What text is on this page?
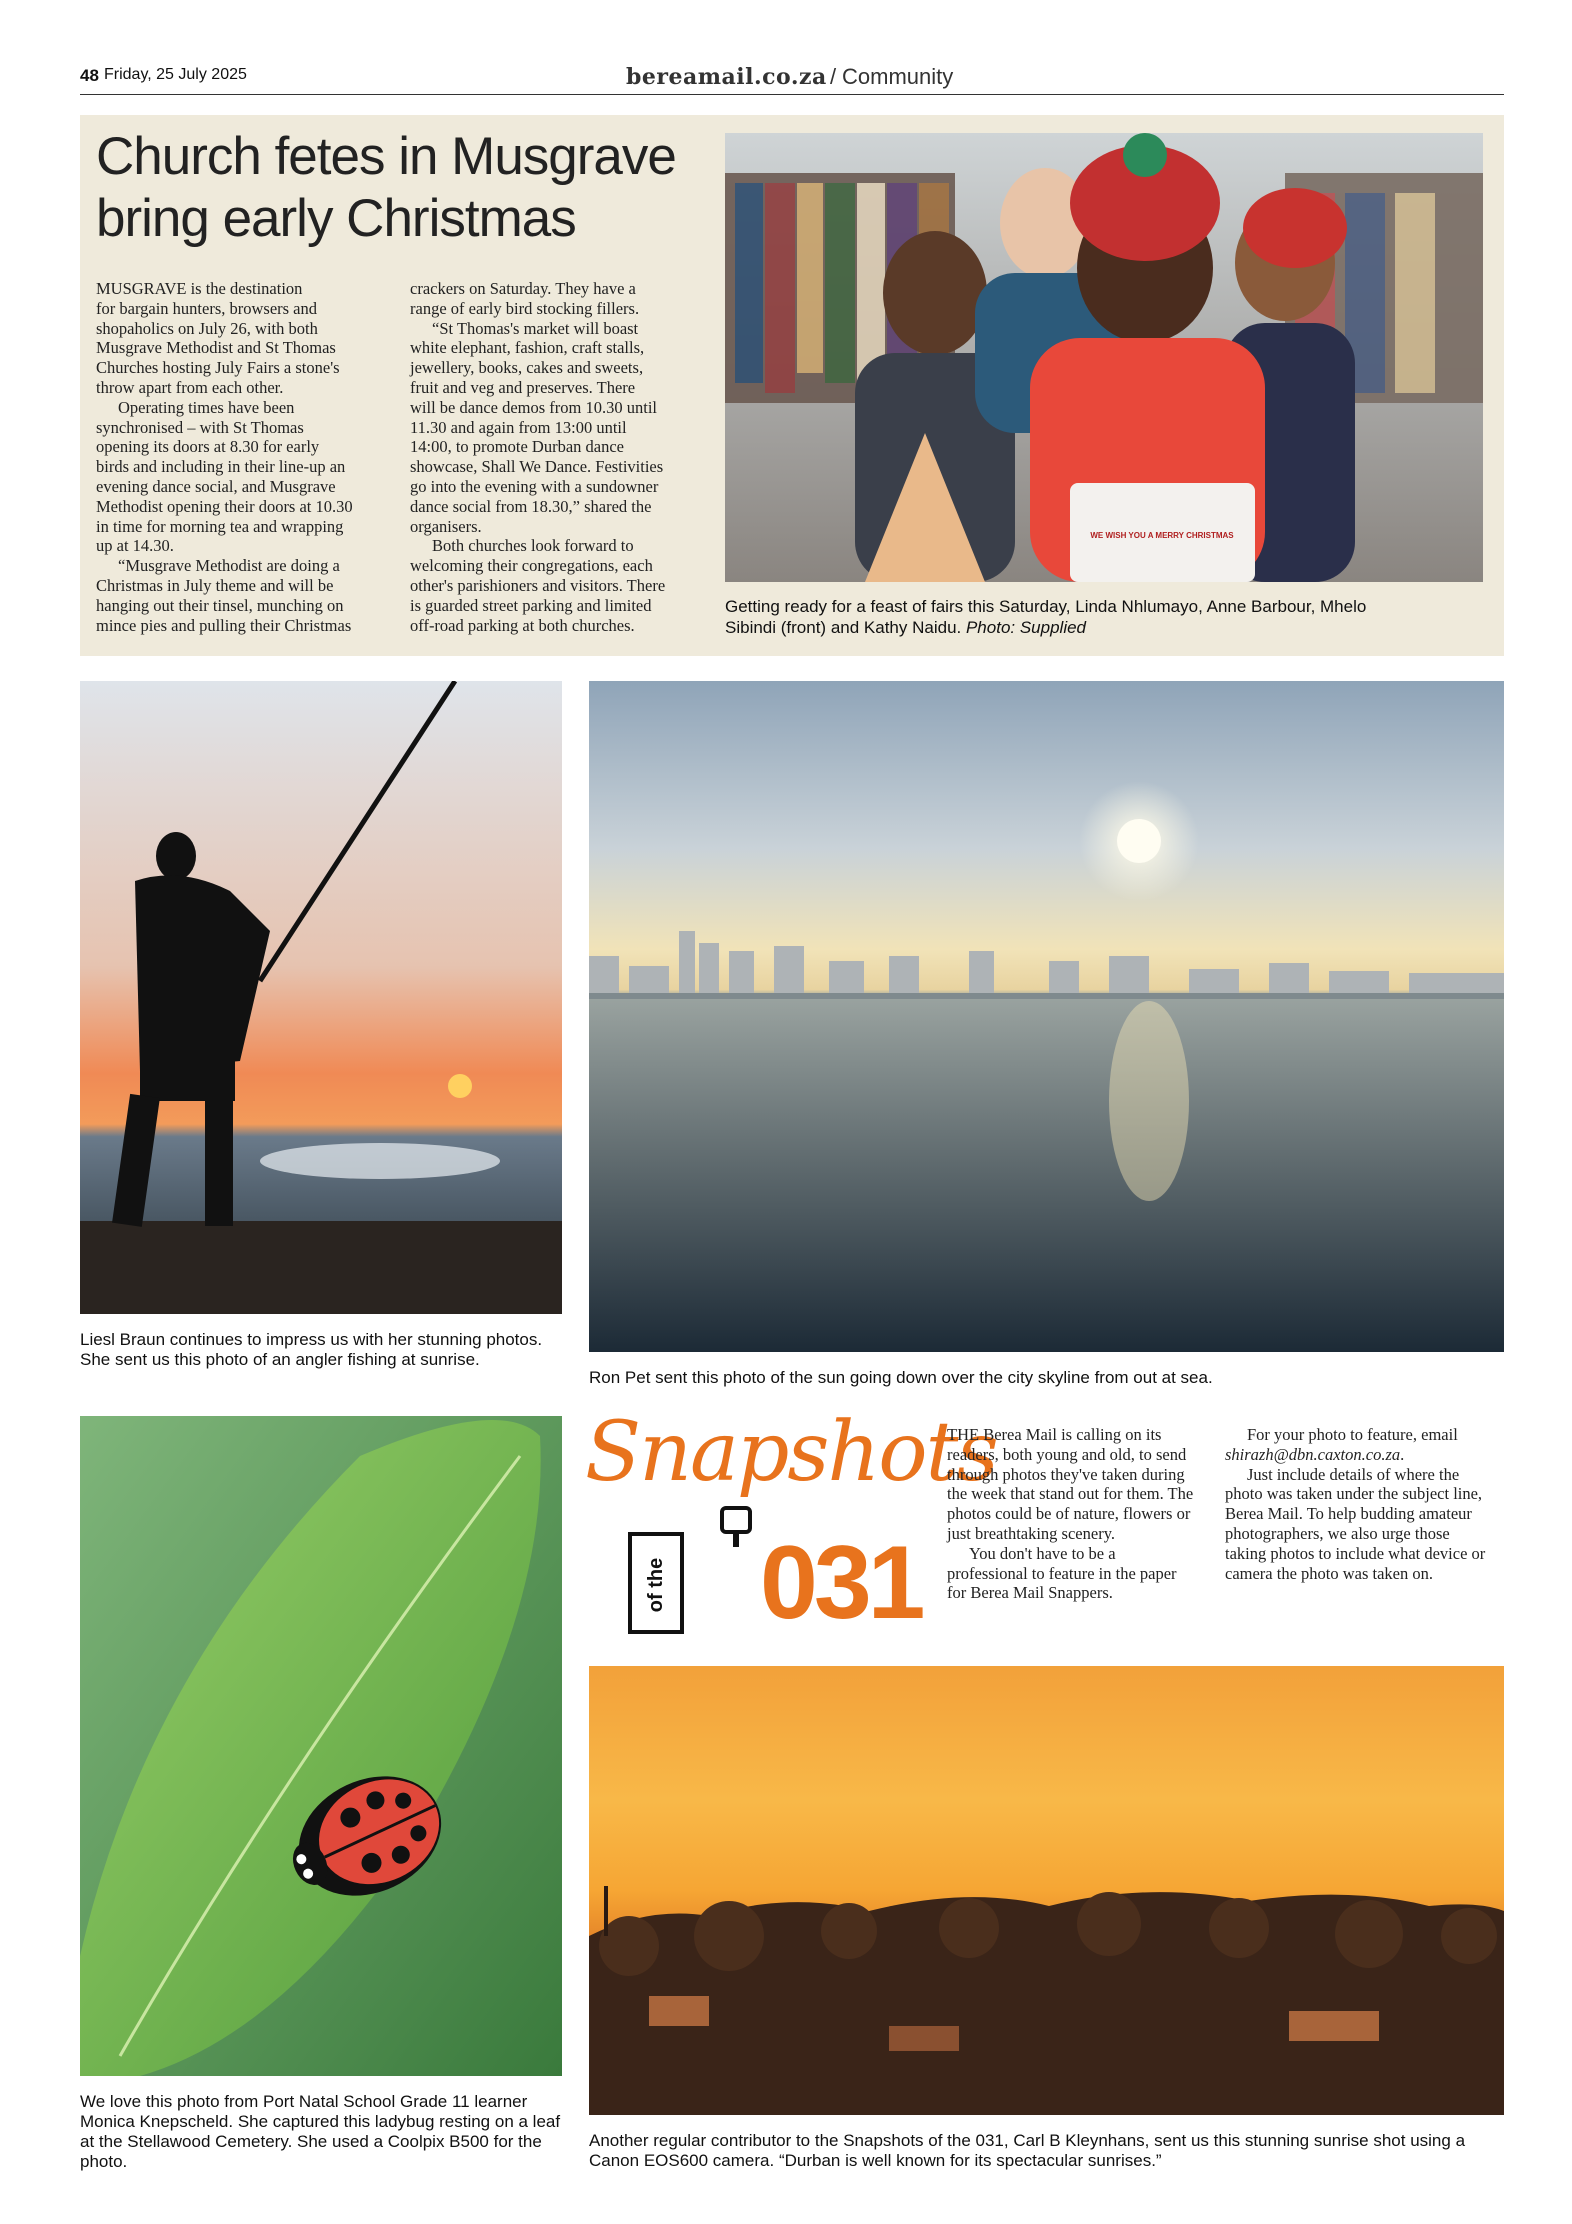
48 Friday, 25 July 2025	bereamail.co.za / Community
Church fetes in Musgrave
bring early Christmas

MUSGRAVE is the destination
for bargain hunters, browsers and
shopaholics on July 26, with both
Musgrave Methodist and St Thomas
Churches hosting July Fairs a stone's
throw apart from each other.

Operating times have been
synchronised – with St Thomas
opening its doors at 8.30 for early
birds and including in their line-up an
evening dance social, and Musgrave
Methodist opening their doors at 10.30
in time for morning tea and wrapping
up at 14.30.

“Musgrave Methodist are doing a
Christmas in July theme and will be
hanging out their tinsel, munching on
mince pies and pulling their Christmas

crackers on Saturday. They have a
range of early bird stocking fillers.

“St Thomas's market will boast
white elephant, fashion, craft stalls,
jewellery, books, cakes and sweets,
fruit and veg and preserves. There
will be dance demos from 10.30 until
11.30 and again from 13:00 until
14:00, to promote Durban dance
showcase, Shall We Dance. Festivities
go into the evening with a sundowner
dance social from 18.30,” shared the
organisers.

Both churches look forward to
welcoming their congregations, each
other's parishioners and visitors. There
is guarded street parking and limited
off-road parking at both churches.

WE WISH YOU A MERRY CHRISTMAS
Getting ready for a feast of fairs this Saturday, Linda Nhlumayo, Anne Barbour, Mhelo
Sibindi (front) and Kathy Naidu. Photo: Supplied
Liesl Braun continues to impress us with her stunning photos. She sent us this photo of an angler fishing at sunrise.
Ron Pet sent this photo of the sun going down over the city skyline from out at sea.
We love this photo from Port Natal School Grade 11 learner Monica Knepscheld. She captured this ladybug resting on a leaf at the Stellawood Cemetery. She used a Coolpix B500 for the photo.
Snapshots
of the 031

THE Berea Mail is calling on its readers, both young and old, to send through photos they've taken during the week that stand out for them. The photos could be of nature, flowers or just breathtaking scenery.

You don't have to be a professional to feature in the paper for Berea Mail Snappers.

For your photo to feature, email shirazh@dbn.caxton.co.za.

Just include details of where the photo was taken under the subject line, Berea Mail. To help budding amateur photographers, we also urge those taking photos to include what device or camera the photo was taken on.

Another regular contributor to the Snapshots of the 031, Carl B Kleynhans, sent us this stunning sunrise shot using a Canon EOS600 camera. “Durban is well known for its spectacular sunrises.”
